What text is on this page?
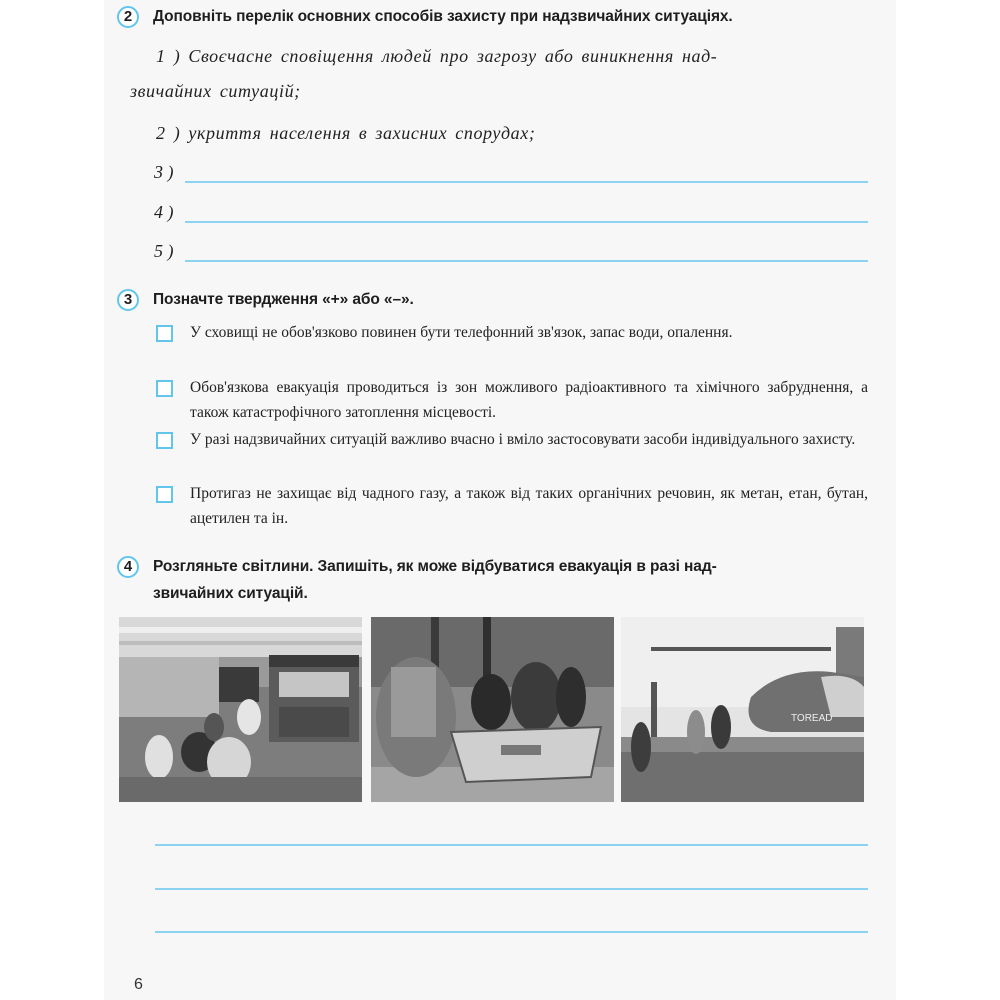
2	Доповніть перелік основних способів захисту при надзвичайних ситуаціях.
1 ) Своєчасне сповіщення людей про загрозу або виникнення над-
звичайних ситуацій;
2 ) укриття населення в захисних спорудах;
3 )
4 )
5 )
3	Позначте твердження «+» або «–».
У сховищі не обов'язково повинен бути телефонний зв'язок, запас води, опалення.
Обов'язкова евакуація проводиться із зон можливого радіоактивного та хімічного забруднення, а також катастрофічного затоплення місцевості.
У разі надзвичайних ситуацій важливо вчасно і вміло застосовувати засоби індивідуального захисту.
Протигаз не захищає від чадного газу, а також від таких органічних речовин, як метан, етан, бутан, ацетилен та ін.
4	Розгляньте світлини. Запишіть, як може відбуватися евакуація в разі над-
звичайних ситуацій.
TOREAD
6
